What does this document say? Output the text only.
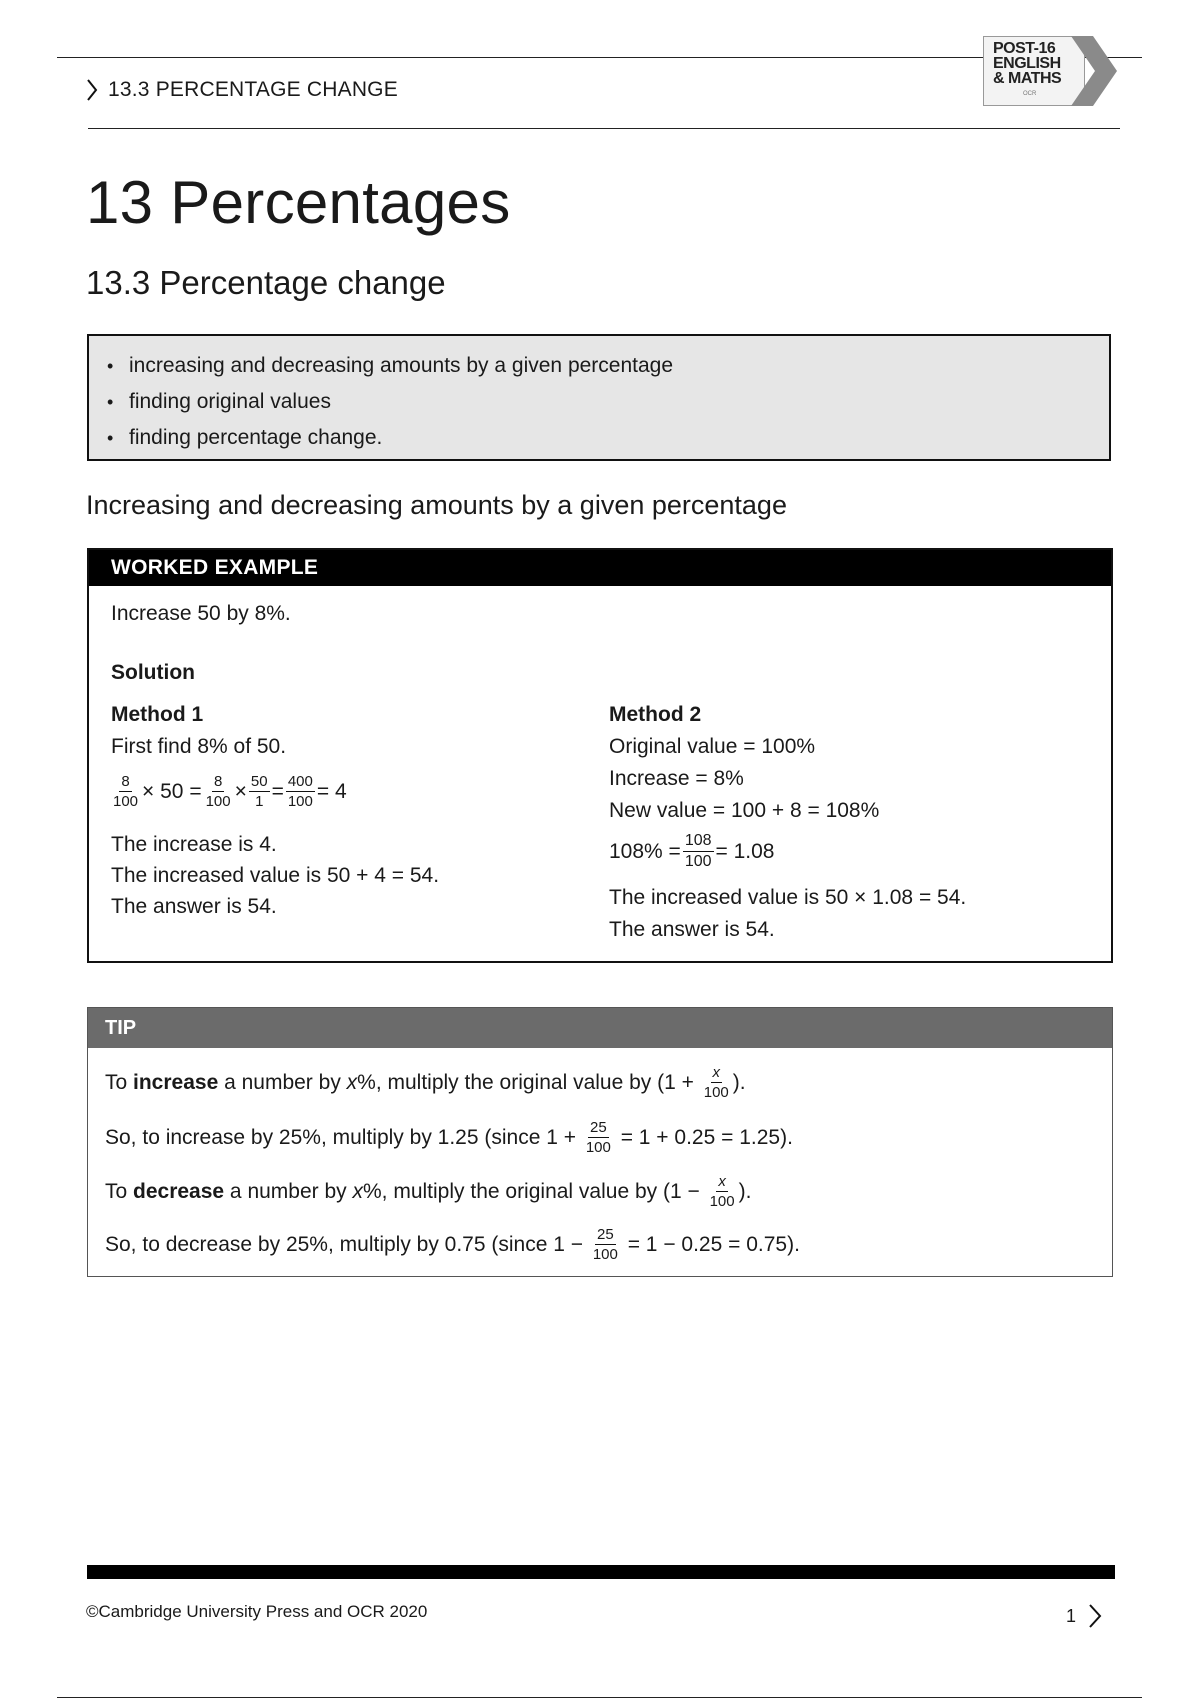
13.3 PERCENTAGE CHANGE
POST-16
ENGLISH
& MATHS
OCR
13 Percentages
13.3 Percentage change
• increasing and decreasing amounts by a given percentage
• finding original values
• finding percentage change.
Increasing and decreasing amounts by a given percentage
WORKED EXAMPLE
Increase 50 by 8%.
Solution
Method 1
First find 8% of 50.
$\frac{8}{100} \times 50 = \frac{8}{100} \times \frac{50}{1} = \frac{400}{100} = 4$
The increase is 4.
The increased value is 50 + 4 = 54.
The answer is 54.
Method 2
Original value = 100%
Increase = 8%
New value = 100 + 8 = 108%
$108\% = \frac{108}{100} = 1.08$
The increased value is 50 × 1.08 = 54.
The answer is 54.
TIP
To increase a number by x %, multiply the original value by ($1 + \frac{x}{100}$ ).
So, to increase by 25%, multiply by 1.25 (since $1 + \frac{25}{100} = 1 + 0.25 = 1.25$).
To decrease a number by x %, multiply the original value by ($1 - \frac{x}{100}$ ).
So, to decrease by 25%, multiply by 0.75 (since $1 - \frac{25}{100} = 1 - 0.25 = 0.75$).
©Cambridge University Press and OCR 2020	1
